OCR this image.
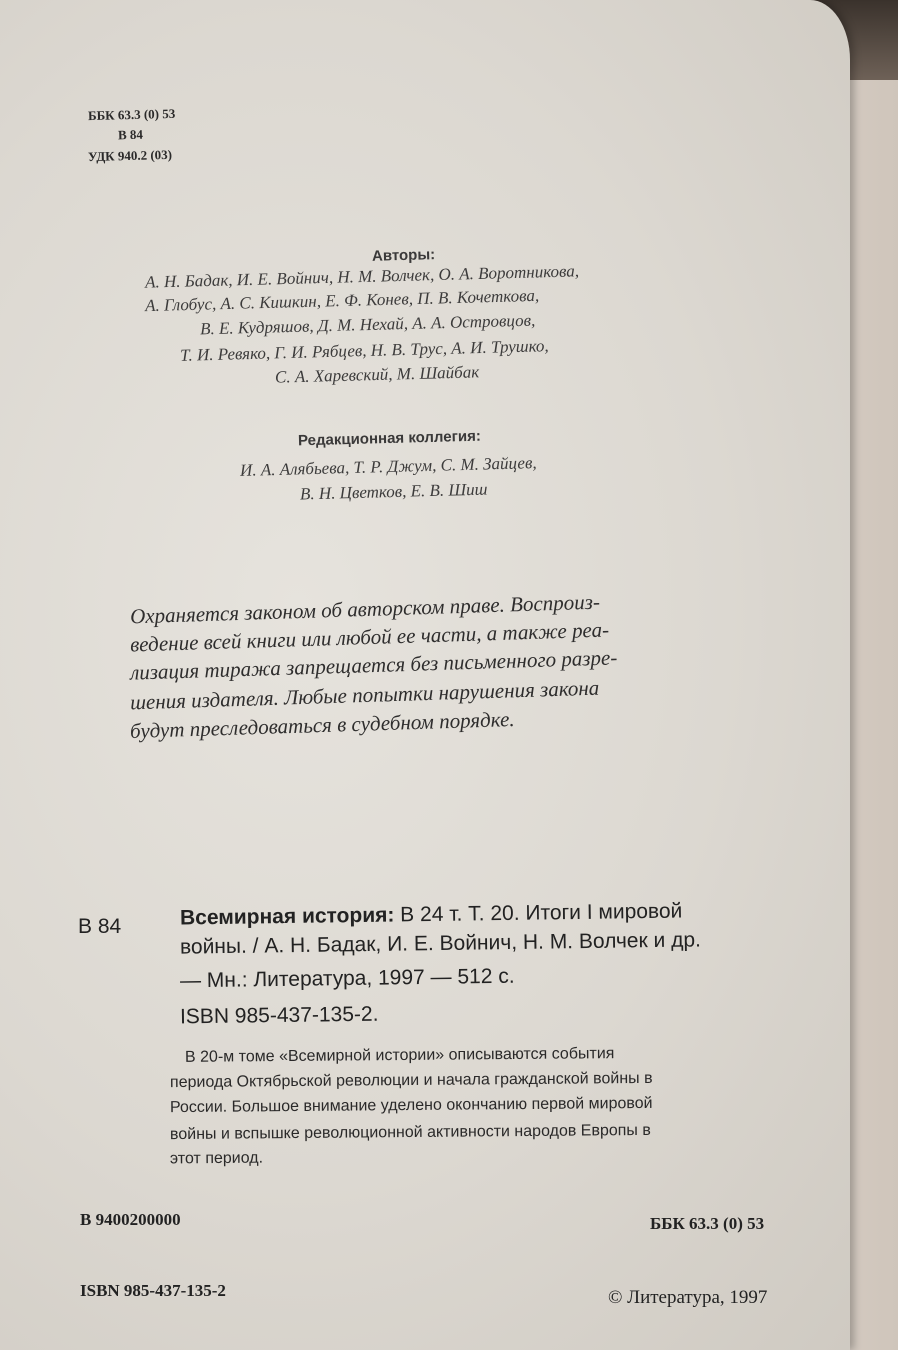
ББК 63.3 (0) 53
В 84
УДК 940.2 (03)
Авторы:
А. Н. Бадак, И. Е. Войнич, Н. М. Волчек, О. А. Воротникова,
А. Глобус, А. С. Кишкин, Е. Ф. Конев, П. В. Кочеткова,
В. Е. Кудряшов, Д. М. Нехай, А. А. Островцов,
Т. И. Ревяко, Г. И. Рябцев, Н. В. Трус, А. И. Трушко,
С. А. Харевский, М. Шайбак
Редакционная коллегия:
И. А. Алябьева, Т. Р. Джум, С. М. Зайцев,
В. Н. Цветков, Е. В. Шиш
Охраняется законом об авторском праве. Воспроиз-
ведение всей книги или любой ее части, а также реа-
лизация тиража запрещается без письменного разре-
шения издателя. Любые попытки нарушения закона
будут преследоваться в судебном порядке.
В 84	Всемирная история: В 24 т. Т. 20. Итоги I мировой
войны. / А. Н. Бадак, И. Е. Войнич, Н. М. Волчек и др.
— Мн.: Литература, 1997 — 512 с.
ISBN 985-437-135-2.
В 20-м томе «Всемирной истории» описываются события
периода Октябрьской революции и начала гражданской войны в
России. Большое внимание уделено окончанию первой мировой
войны и вспышке революционной активности народов Европы в
этот период.
В 9400200000	ББК 63.3 (0) 53
ISBN 985-437-135-2	© Литература, 1997
